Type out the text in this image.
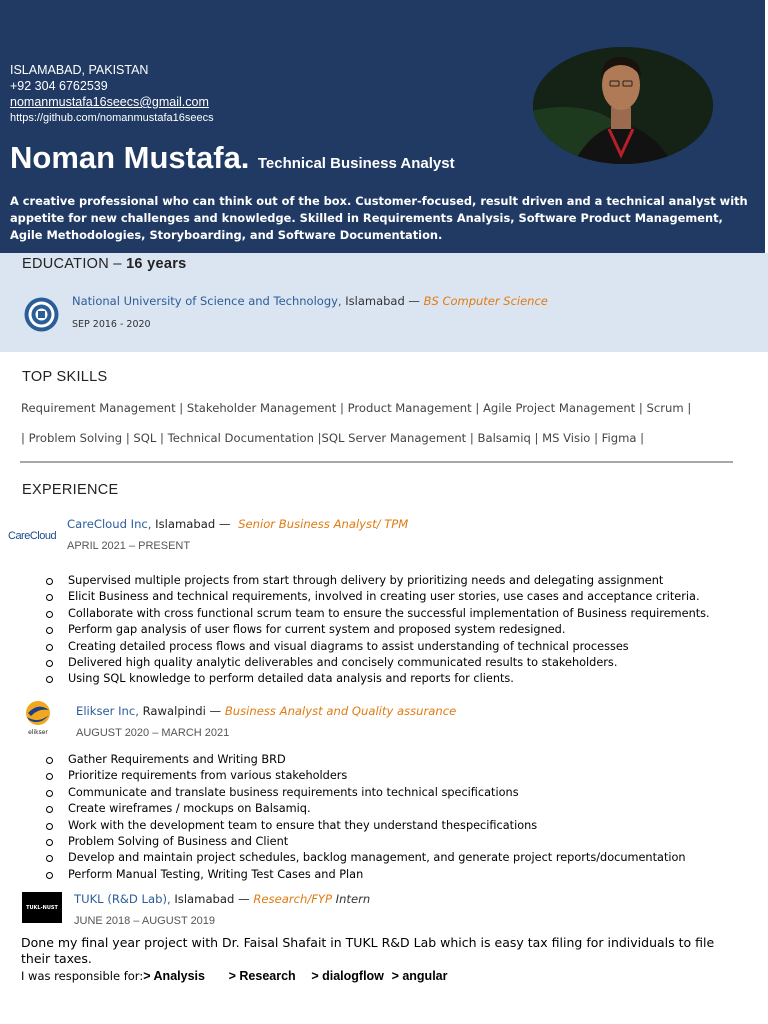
ISLAMABAD, PAKISTAN
+92 304 6762539
nomanmustafa16seecs@gmail.com
https://github.com/nomanmustafa16seecs
Noman Mustafa. Technical Business Analyst
A creative professional who can think out of the box. Customer-focused, result driven and a technical analyst with appetite for new challenges and knowledge. Skilled in Requirements Analysis, Software Product Management, Agile Methodologies, Storyboarding, and Software Documentation.
EDUCATION – 16 years
National University of Science and Technology, Islamabad — BS Computer Science
SEP 2016 - 2020
TOP SKILLS
Requirement Management | Stakeholder Management | Product Management | Agile Project Management | Scrum |
| Problem Solving | SQL | Technical Documentation |SQL Server Management | Balsamiq | MS Visio | Figma |
EXPERIENCE
CareCloud
CareCloud Inc, Islamabad — Senior Business Analyst/ TPM
APRIL 2021 – PRESENT
Supervised multiple projects from start through delivery by prioritizing needs and delegating assignment
Elicit Business and technical requirements, involved in creating user stories, use cases and acceptance criteria.
Collaborate with cross functional scrum team to ensure the successful implementation of Business requirements.
Perform gap analysis of user flows for current system and proposed system redesigned.
Creating detailed process flows and visual diagrams to assist understanding of technical processes
Delivered high quality analytic deliverables and concisely communicated results to stakeholders.
Using SQL knowledge to perform detailed data analysis and reports for clients.
elikser
Elikser Inc, Rawalpindi — Business Analyst and Quality assurance
AUGUST 2020 – MARCH 2021
Gather Requirements and Writing BRD
Prioritize requirements from various stakeholders
Communicate and translate business requirements into technical specifications
Create wireframes / mockups on Balsamiq.
Work with the development team to ensure that they understand thespecifications
Problem Solving of Business and Client
Develop and maintain project schedules, backlog management, and generate project reports/documentation
Perform Manual Testing, Writing Test Cases and Plan
TUKL-NUST
TUKL (R&D Lab), Islamabad — Research/FYP Intern
JUNE 2018 – AUGUST 2019
Done my final year project with Dr. Faisal Shafait in TUKL R&D Lab which is easy tax filing for individuals to file their taxes.
I was responsible for:> Analysis > Research > dialogflow > angular
